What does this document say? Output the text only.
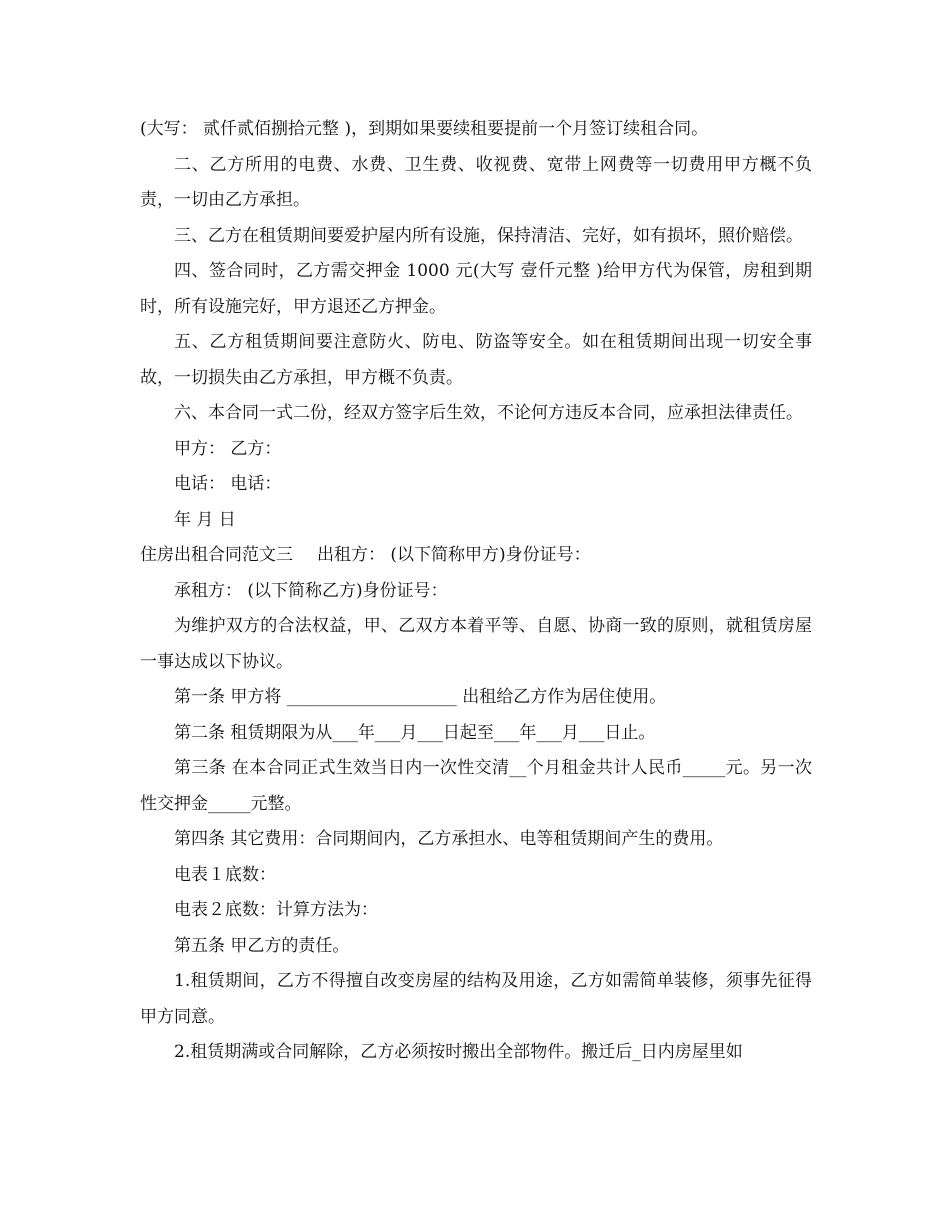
(大写： 贰仟贰佰捌拾元整 )，到期如果要续租要提前一个月签订续租合同。

二、乙方所用的电费、水费、卫生费、收视费、宽带上网费等一切费用甲方概不负责，一切由乙方承担。

三、乙方在租赁期间要爱护屋内所有设施，保持清洁、完好，如有损坏，照价赔偿。

四、签合同时，乙方需交押金 1000 元(大写 壹仟元整 )给甲方代为保管，房租到期时，所有设施完好，甲方退还乙方押金。

五、乙方租赁期间要注意防火、防电、防盗等安全。如在租赁期间出现一切安全事故，一切损失由乙方承担，甲方概不负责。

六、本合同一式二份，经双方签字后生效，不论何方违反本合同，应承担法律责任。

甲方： 乙方：

电话： 电话：

年 月 日

住房出租合同范文三 出租方： (以下简称甲方)身份证号：

承租方： (以下简称乙方)身份证号：

为维护双方的合法权益，甲、乙双方本着平等、自愿、协商一致的原则，就租赁房屋一事达成以下协议。

第一条 甲方将 ____________________ 出租给乙方作为居住使用。

第二条 租赁期限为从___年___月___日起至___年___月___日止。

第三条 在本合同正式生效当日内一次性交清__个月租金共计人民币_____元。另一次性交押金_____元整。

第四条 其它费用：合同期间内，乙方承担水、电等租赁期间产生的费用。

电表１底数：

电表２底数：计算方法为：

第五条 甲乙方的责任。

1.租赁期间，乙方不得擅自改变房屋的结构及用途，乙方如需简单装修，须事先征得甲方同意。

2.租赁期满或合同解除，乙方必须按时搬出全部物件。搬迁后_日内房屋里如
